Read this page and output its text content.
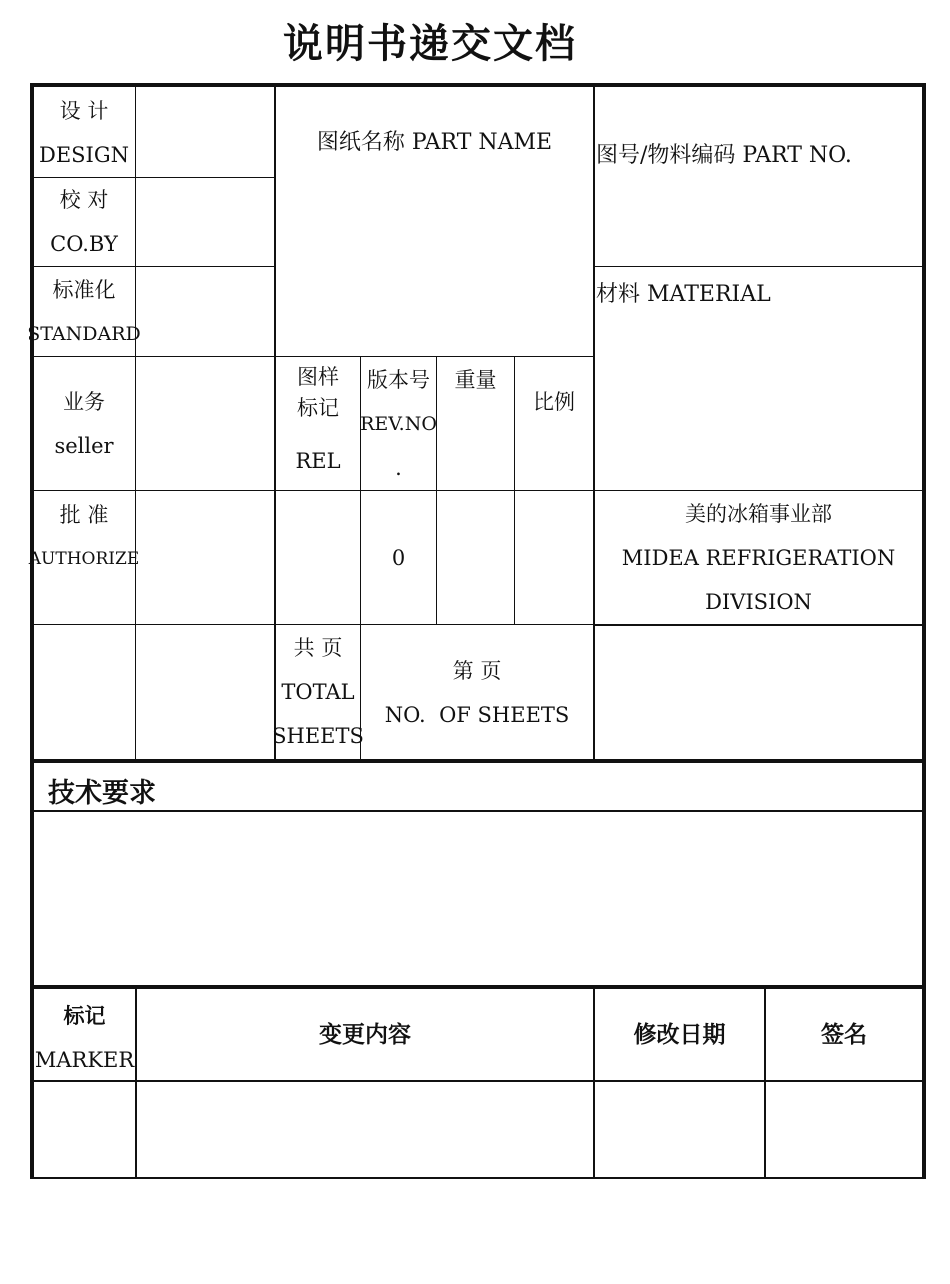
说明书递交文档
设 计
DESIGN
校 对
CO.BY
标准化
STANDARD
业务
seller
批 准
AUTHORIZE
图纸名称 PART NAME
图号/物料编码 PART NO.
材料 MATERIAL
图样
标记
REL
版本号
REV.NO
.
重量
比例
0
美的冰箱事业部
MIDEA REFRIGERATION
DIVISION
共 页
TOTAL
SHEETS
第 页
NO.  OF SHEETS
技术要求
标记
MARKER
变更内容	修改日期	签名
